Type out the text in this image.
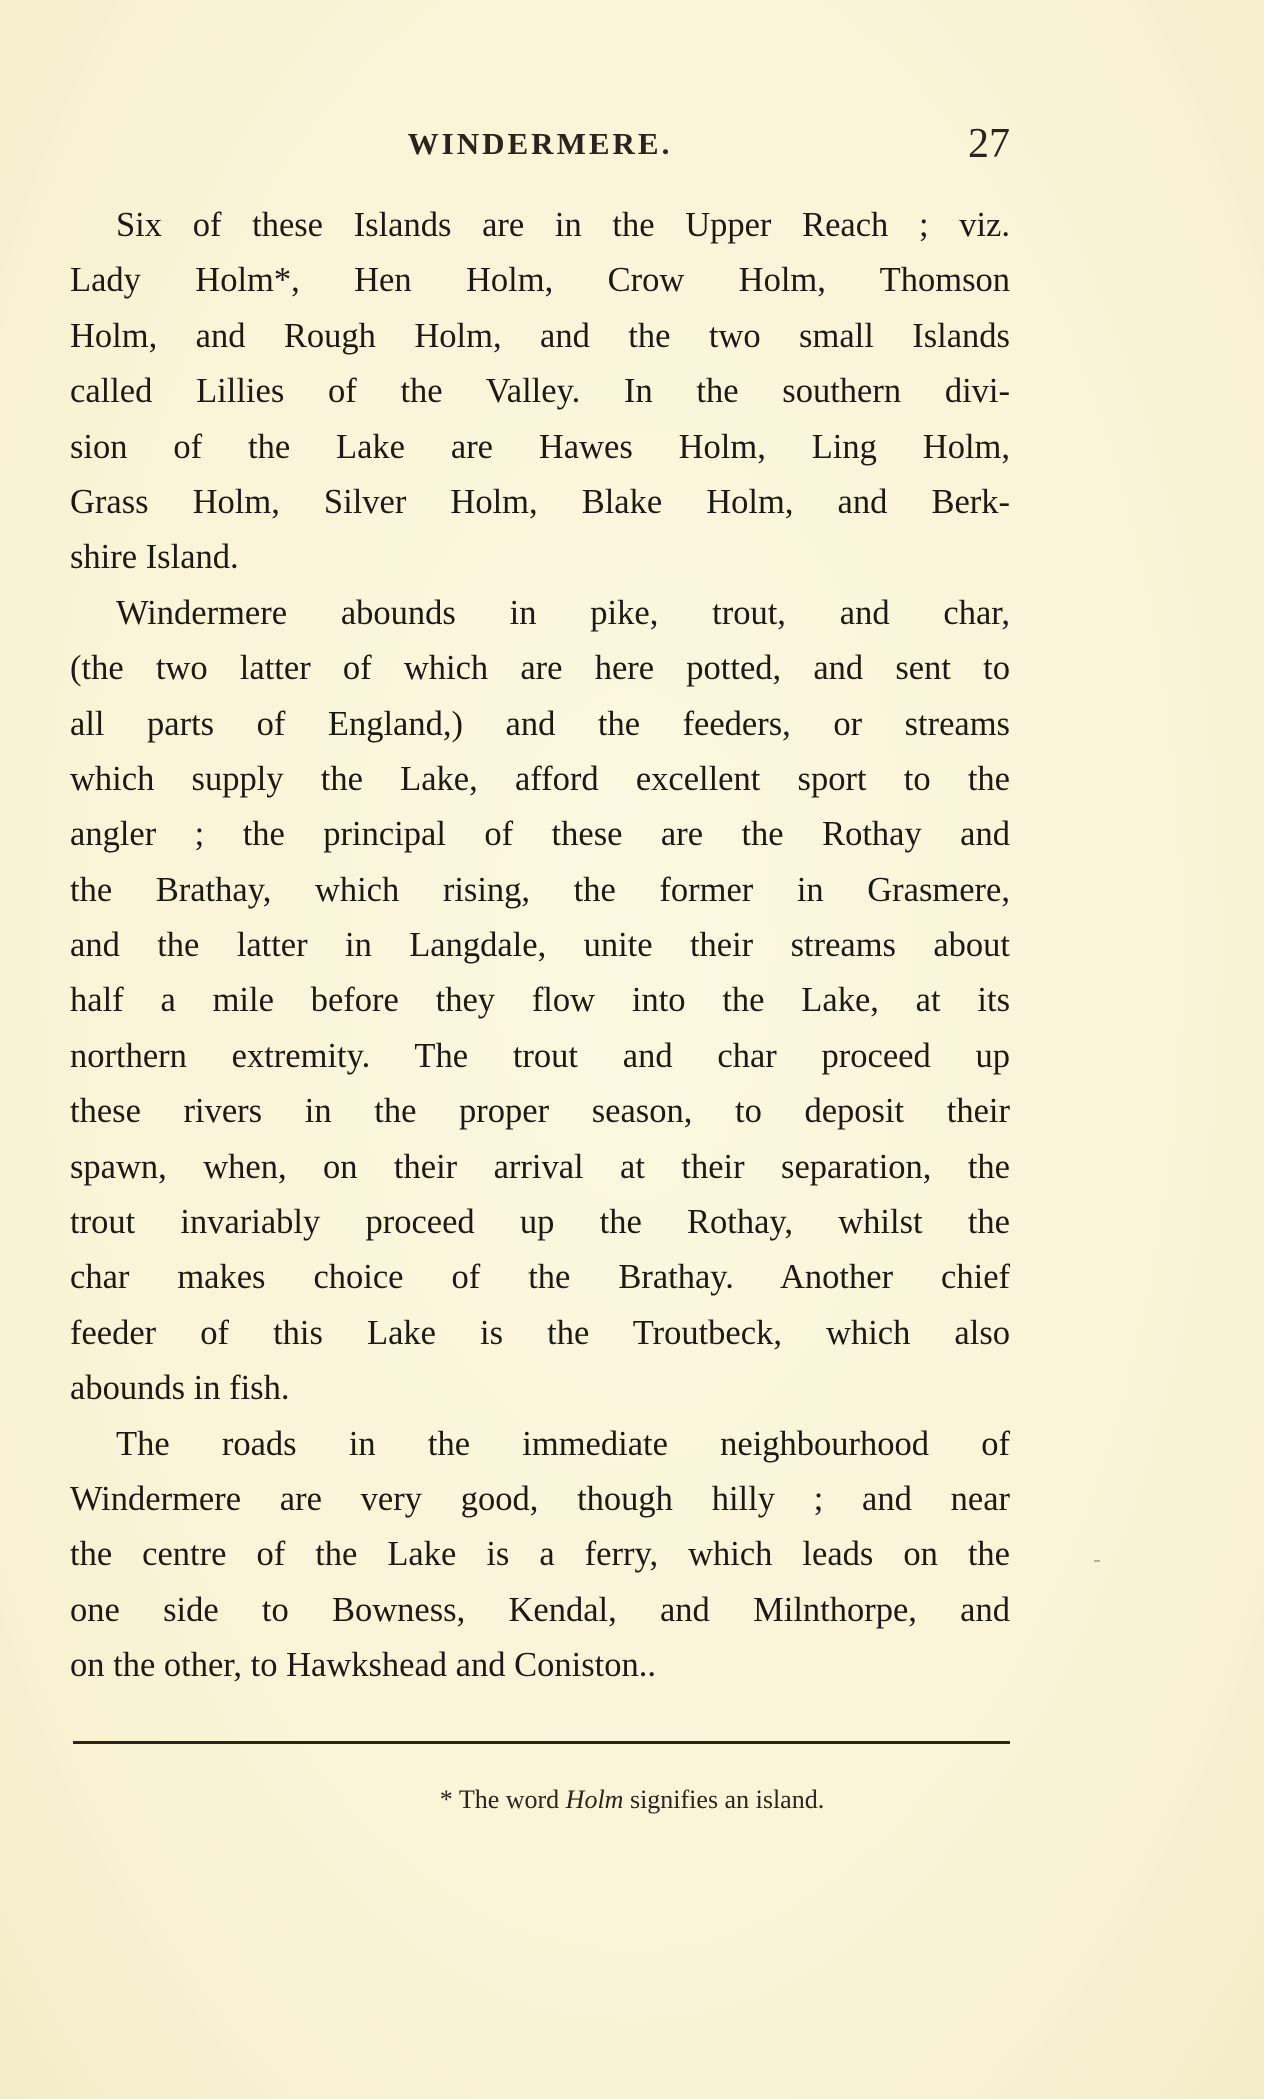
WINDERMERE.	27
Six of these Islands are in the Upper Reach ; viz.
Lady Holm*, Hen Holm, Crow Holm, Thomson
Holm, and Rough Holm, and the two small Islands
called Lillies of the Valley. In the southern divi-
sion of the Lake are Hawes Holm, Ling Holm,
Grass Holm, Silver Holm, Blake Holm, and Berk-
shire Island.
Windermere abounds in pike, trout, and char,
(the two latter of which are here potted, and sent to
all parts of England,) and the feeders, or streams
which supply the Lake, afford excellent sport to the
angler ; the principal of these are the Rothay and
the Brathay, which rising, the former in Grasmere,
and the latter in Langdale, unite their streams about
half a mile before they flow into the Lake, at its
northern extremity. The trout and char proceed up
these rivers in the proper season, to deposit their
spawn, when, on their arrival at their separation, the
trout invariably proceed up the Rothay, whilst the
char makes choice of the Brathay. Another chief
feeder of this Lake is the Troutbeck, which also
abounds in fish.
The roads in the immediate neighbourhood of
Windermere are very good, though hilly ; and near
the centre of the Lake is a ferry, which leads on the
one side to Bowness, Kendal, and Milnthorpe, and
on the other, to Hawkshead and Coniston..
* The word Holm signifies an island.
